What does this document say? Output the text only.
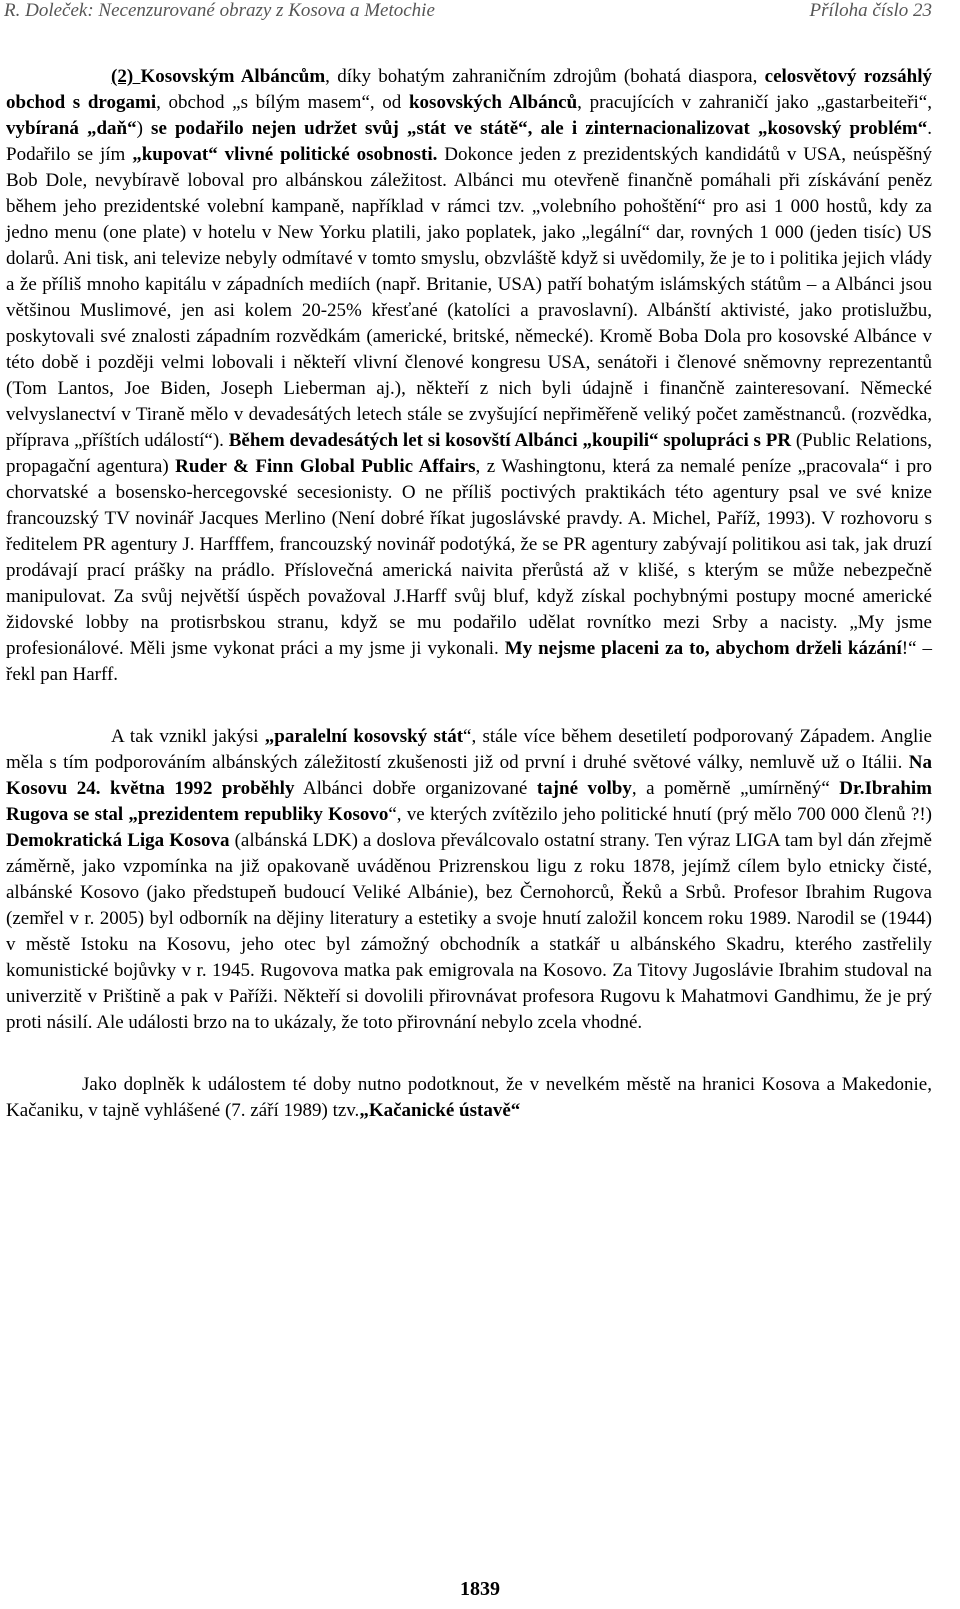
R. Doleček: Necenzurované obrazy z Kosova a Metochie	Příloha číslo 23

(2) Kosovským Albáncům, díky bohatým zahraničním zdrojům (bohatá diaspora, celosvětový rozsáhlý obchod s drogami, obchod „s bílým masem“, od kosovských Albánců, pracujících v zahraničí jako „gastarbeiteři“, vybíraná „daň“) se podařilo nejen udržet svůj „stát ve státě“, ale i zinternacionalizovat „kosovský problém“. Podařilo se jím „kupovat“ vlivné politické osobnosti. Dokonce jeden z prezidentských kandidátů v USA, neúspěšný Bob Dole, nevybíravě loboval pro albánskou záležitost. Albánci mu otevřeně finančně pomáhali při získávání peněz během jeho prezidentské volební kampaně, například v rámci tzv. „volebního pohoštění“ pro asi 1 000 hostů, kdy za jedno menu (one plate) v hotelu v New Yorku platili, jako poplatek, jako „legální“ dar, rovných 1 000 (jeden tisíc) US dolarů. Ani tisk, ani televize nebyly odmítavé v tomto smyslu, obzvláště když si uvědomily, že je to i politika jejich vlády a že příliš mnoho kapitálu v západních mediích (např. Britanie, USA) patří bohatým islámských státům – a Albánci jsou většinou Muslimové, jen asi kolem 20-25% křesťané (katolíci a pravoslavní). Albánští aktivisté, jako protislužbu, poskytovali své znalosti západním rozvědkám (americké, britské, německé). Kromě Boba Dola pro kosovské Albánce v této době i později velmi lobovali i někteří vlivní členové kongresu USA, senátoři i členové sněmovny reprezentantů (Tom Lantos, Joe Biden, Joseph Lieberman aj.), někteří z nich byli údajně i finančně zainteresovaní. Německé velvyslanectví v Tiraně mělo v devadesátých letech stále se zvyšující nepřiměřeně veliký počet zaměstnanců. (rozvědka, příprava „příštích událostí“). Během devadesátých let si kosovští Albánci „koupili“ spolupráci s PR (Public Relations, propagační agentura) Ruder & Finn Global Public Affairs, z Washingtonu, která za nemalé peníze „pracovala“ i pro chorvatské a bosensko-hercegovské secesionisty. O ne příliš poctivých praktikách této agentury psal ve své knize francouzský TV novinář Jacques Merlino (Není dobré říkat jugoslávské pravdy. A. Michel, Paříž, 1993). V rozhovoru s ředitelem PR agentury J. Harfffem, francouzský novinář podotýká, že se PR agentury zabývají politikou asi tak, jak druzí prodávají prací prášky na prádlo. Příslovečná americká naivita přerůstá až v klišé, s kterým se může nebezpečně manipulovat. Za svůj největší úspěch považoval J.Harff svůj bluf, když získal pochybnými postupy mocné americké židovské lobby na protisrbskou stranu, když se mu podařilo udělat rovnítko mezi Srby a nacisty. „My jsme profesionálové. Měli jsme vykonat práci a my jsme ji vykonali. My nejsme placeni za to, abychom drželi kázání!“ – řekl pan Harff.

A tak vznikl jakýsi „paralelní kosovský stát“, stále více během desetiletí podporovaný Západem. Anglie měla s tím podporováním albánských záležitostí zkušenosti již od první i druhé světové války, nemluvě už o Itálii. Na Kosovu 24. května 1992 proběhly Albánci dobře organizované tajné volby, a poměrně „umírněný“ Dr.Ibrahim Rugova se stal „prezidentem republiky Kosovo“, ve kterých zvítězilo jeho politické hnutí (prý mělo 700 000 členů ?!) Demokratická Liga Kosova (albánská LDK) a doslova převálcovalo ostatní strany. Ten výraz LIGA tam byl dán zřejmě záměrně, jako vzpomínka na již opakovaně uváděnou Prizrenskou ligu z roku 1878, jejímž cílem bylo etnicky čisté, albánské Kosovo (jako předstupeň budoucí Veliké Albánie), bez Černohorců, Řeků a Srbů. Profesor Ibrahim Rugova (zemřel v r. 2005) byl odborník na dějiny literatury a estetiky a svoje hnutí založil koncem roku 1989. Narodil se (1944) v městě Istoku na Kosovu, jeho otec byl zámožný obchodník a statkář u albánského Skadru, kterého zastřelily komunistické bojůvky v r. 1945. Rugovova matka pak emigrovala na Kosovo. Za Titovy Jugoslávie Ibrahim studoval na univerzitě v Prištině a pak v Paříži. Někteří si dovolili přirovnávat profesora Rugovu k Mahatmovi Gandhimu, že je prý proti násilí. Ale události brzo na to ukázaly, že toto přirovnání nebylo zcela vhodné.

Jako doplněk k událostem té doby nutno podotknout, že v nevelkém městě na hranici Kosova a Makedonie, Kačaniku, v tajně vyhlášené (7. září 1989) tzv.„Kačanické ústavě“

1839
